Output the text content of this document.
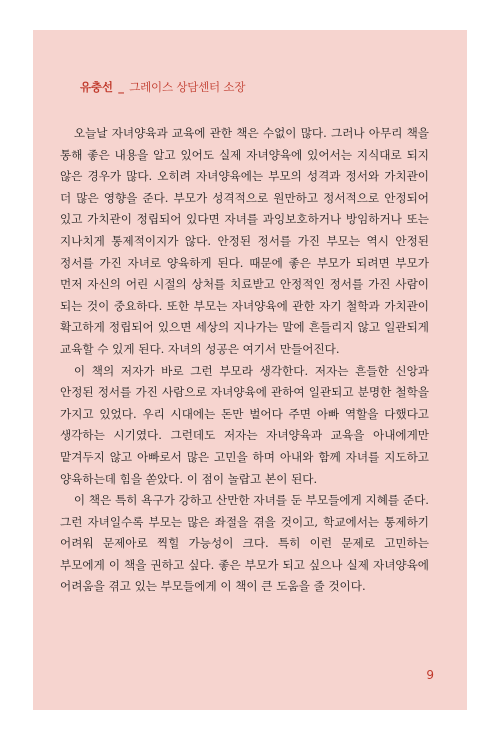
유충선 _ 그레이스 상담센터 소장

오늘날 자녀양육과 교육에 관한 책은 수없이 많다. 그러나 아무리 책을 통해 좋은 내용을 알고 있어도 실제 자녀양육에 있어서는 지식대로 되지 않은 경우가 많다. 오히려 자녀양육에는 부모의 성격과 정서와 가치관이 더 많은 영향을 준다. 부모가 성격적으로 원만하고 정서적으로 안정되어 있고 가치관이 정립되어 있다면 자녀를 과잉보호하거나 방임하거나 또는 지나치게 통제적이지가 않다. 안정된 정서를 가진 부모는 역시 안정된 정서를 가진 자녀로 양육하게 된다. 때문에 좋은 부모가 되려면 부모가 먼저 자신의 어린 시절의 상처를 치료받고 안정적인 정서를 가진 사람이 되는 것이 중요하다. 또한 부모는 자녀양육에 관한 자기 철학과 가치관이 확고하게 정립되어 있으면 세상의 지나가는 말에 흔들리지 않고 일관되게 교육할 수 있게 된다. 자녀의 성공은 여기서 만들어진다.

이 책의 저자가 바로 그런 부모라 생각한다. 저자는 흔들한 신앙과 안정된 정서를 가진 사람으로 자녀양육에 관하여 일관되고 분명한 철학을 가지고 있었다. 우리 시대에는 돈만 벌어다 주면 아빠 역할을 다했다고 생각하는 시기였다. 그런데도 저자는 자녀양육과 교육을 아내에게만 맡겨두지 않고 아빠로서 많은 고민을 하며 아내와 함께 자녀를 지도하고 양육하는데 힘을 쏟았다. 이 점이 놀랍고 본이 된다.

이 책은 특히 욕구가 강하고 산만한 자녀를 둔 부모들에게 지혜를 준다. 그런 자녀일수록 부모는 많은 좌절을 겪을 것이고, 학교에서는 통제하기 어려워 문제아로 찍힐 가능성이 크다. 특히 이런 문제로 고민하는 부모에게 이 책을 권하고 싶다. 좋은 부모가 되고 싶으나 실제 자녀양육에 어려움을 겪고 있는 부모들에게 이 책이 큰 도움을 줄 것이다.

9
